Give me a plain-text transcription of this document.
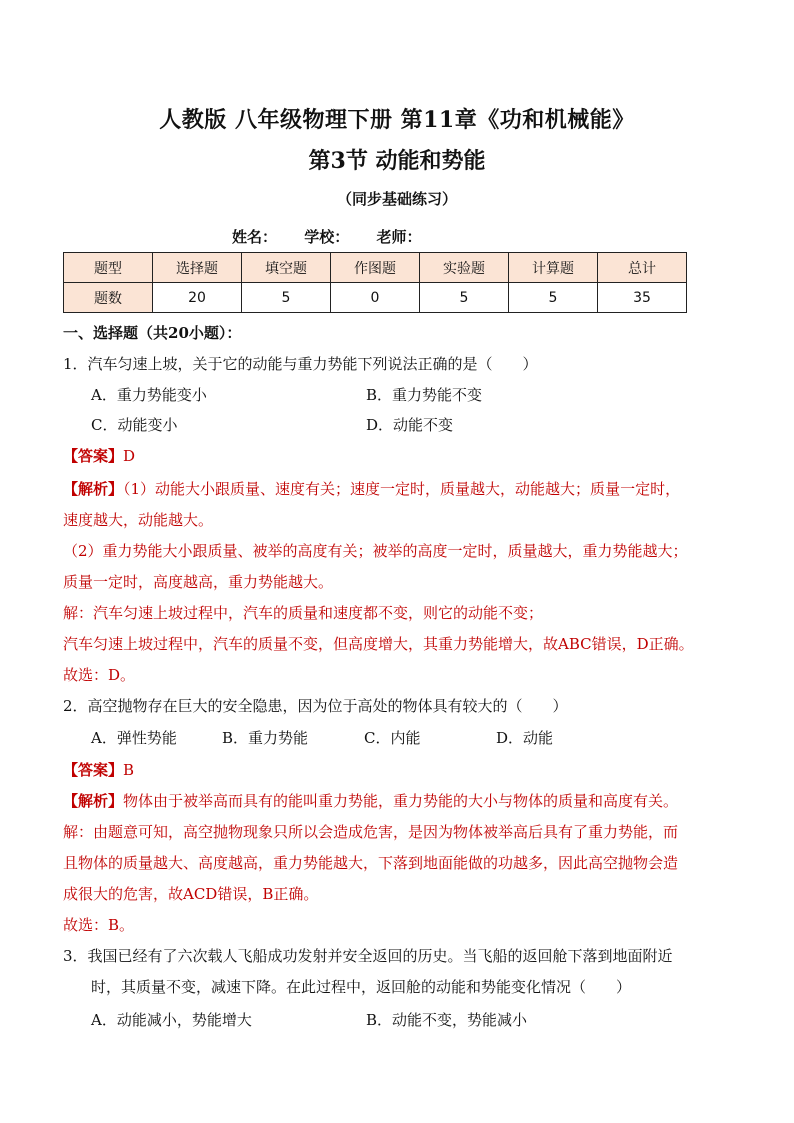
人教版 八年级物理下册 第11章《功和机械能》
第3节 动能和势能
（同步基础练习）
姓名： 学校： 老师：
题型	选择题	填空题	作图题	实验题	计算题	总计
题数	20	5	0	5	5	35
一、选择题（共20小题）：
1．汽车匀速上坡，关于它的动能与重力势能下列说法正确的是（　　）
A．重力势能变小	B．重力势能不变
C．动能变小	D．动能不变
【答案】D
【解析】（1）动能大小跟质量、速度有关；速度一定时，质量越大，动能越大；质量一定时，
速度越大，动能越大。
（2）重力势能大小跟质量、被举的高度有关；被举的高度一定时，质量越大，重力势能越大；
质量一定时，高度越高，重力势能越大。
解：汽车匀速上坡过程中，汽车的质量和速度都不变，则它的动能不变；
汽车匀速上坡过程中，汽车的质量不变，但高度增大，其重力势能增大，故ABC错误，D正确。
故选：D。
2．高空抛物存在巨大的安全隐患，因为位于高处的物体具有较大的（　　）
A．弹性势能	B．重力势能	C．内能	D．动能
【答案】B
【解析】物体由于被举高而具有的能叫重力势能，重力势能的大小与物体的质量和高度有关。
解：由题意可知，高空抛物现象只所以会造成危害，是因为物体被举高后具有了重力势能，而
且物体的质量越大、高度越高，重力势能越大，下落到地面能做的功越多，因此高空抛物会造
成很大的危害，故ACD错误，B正确。
故选：B。
3．我国已经有了六次载人飞船成功发射并安全返回的历史。当飞船的返回舱下落到地面附近
时，其质量不变，减速下降。在此过程中，返回舱的动能和势能变化情况（　　）
A．动能减小，势能增大	B．动能不变，势能减小
